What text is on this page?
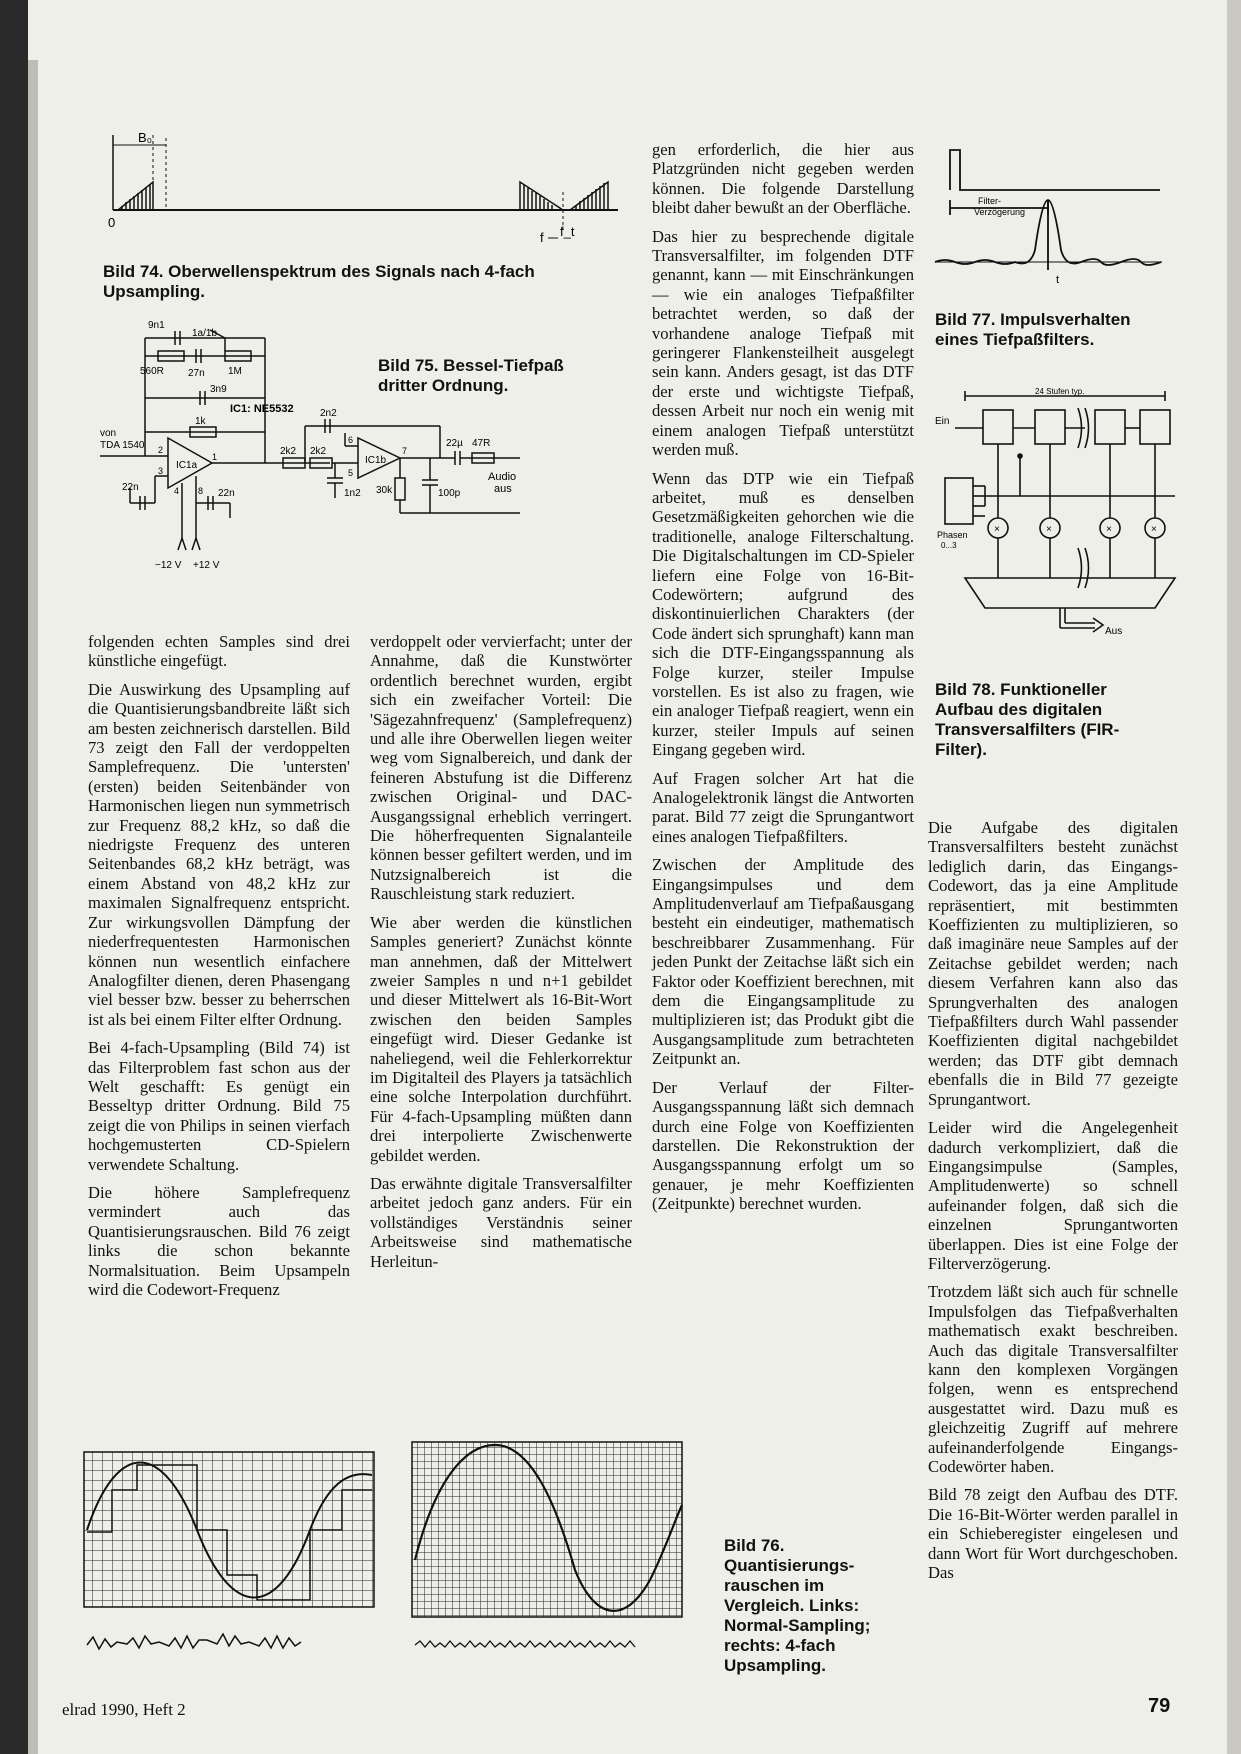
B₀
0
f f_t
Bild 74. Oberwellenspektrum des Signals nach 4-fach Upsampling.
9n1
1a/1b
560R 27n 1M
3n9
1k
IC1: NE5532	2n2
von
TDA 1540
IC1a	IC1b
2k2 2k2
1n2
22µ 47R
30k	100p
Audio
aus
22n
22n
−12 V +12 V
2
3
1
4 8
6
5
7
Bild 75. Bessel-Tiefpaß dritter Ordnung.

gen erforderlich, die hier aus Platzgründen nicht gegeben werden können. Die folgende Darstellung bleibt daher bewußt an der Oberfläche.

Das hier zu besprechende digitale Transversalfilter, im folgenden DTF genannt, kann — mit Einschränkungen — wie ein analoges Tiefpaßfilter betrachtet werden, so daß der vorhandene analoge Tiefpaß mit geringerer Flankensteilheit ausgelegt sein kann. Anders gesagt, ist das DTF der erste und wichtigste Tiefpaß, dessen Arbeit nur noch ein wenig mit einem analogen Tiefpaß unterstützt werden muß.

Wenn das DTP wie ein Tiefpaß arbeitet, muß es denselben Gesetzmäßigkeiten gehorchen wie die traditionelle, analoge Filterschaltung. Die Digitalschaltungen im CD-Spieler liefern eine Folge von 16-Bit-Codewörtern; aufgrund des diskontinuierlichen Charakters (der Code ändert sich sprunghaft) kann man sich die DTF-Eingangsspannung als Folge kurzer, steiler Impulse vorstellen. Es ist also zu fragen, wie ein analoger Tiefpaß reagiert, wenn ein kurzer, steiler Impuls auf seinen Eingang gegeben wird.

Auf Fragen solcher Art hat die Analogelektronik längst die Antworten parat. Bild 77 zeigt die Sprungantwort eines analogen Tiefpaßfilters.

Zwischen der Amplitude des Eingangsimpulses und dem Amplitudenverlauf am Tiefpaßausgang besteht ein eindeutiger, mathematisch beschreibbarer Zusammenhang. Für jeden Punkt der Zeitachse läßt sich ein Faktor oder Koeffizient berechnen, mit dem die Eingangsamplitude zu multiplizieren ist; das Produkt gibt die Ausgangsamplitude zum betrachteten Zeitpunkt an.

Der Verlauf der Filter-Ausgangsspannung läßt sich demnach durch eine Folge von Koeffizienten darstellen. Die Rekonstruktion der Ausgangsspannung erfolgt um so genauer, je mehr Koeffizienten (Zeitpunkte) berechnet wurden.

Filter-
Verzögerung
t
Bild 77. Impulsverhalten eines Tiefpaßfilters.
24 Stufen typ.
Ein
Phasen
0...3
Aus
×	×	×	×
Bild 78. Funktioneller Aufbau des digitalen Transversalfilters (FIR-Filter).

folgenden echten Samples sind drei künstliche eingefügt.

Die Auswirkung des Upsampling auf die Quantisierungsbandbreite läßt sich am besten zeichnerisch darstellen. Bild 73 zeigt den Fall der verdoppelten Samplefrequenz. Die 'untersten' (ersten) beiden Seitenbänder von Harmonischen liegen nun symmetrisch zur Frequenz 88,2 kHz, so daß die niedrigste Frequenz des unteren Seitenbandes 68,2 kHz beträgt, was einem Abstand von 48,2 kHz zur maximalen Signalfrequenz entspricht. Zur wirkungsvollen Dämpfung der niederfrequentesten Harmonischen können nun wesentlich einfachere Analogfilter dienen, deren Phasengang viel besser bzw. besser zu beherrschen ist als bei einem Filter elfter Ordnung.

Bei 4-fach-Upsampling (Bild 74) ist das Filterproblem fast schon aus der Welt geschafft: Es genügt ein Besseltyp dritter Ordnung. Bild 75 zeigt die von Philips in seinen vierfach hochgemusterten CD-Spielern verwendete Schaltung.

Die höhere Samplefrequenz vermindert auch das Quantisierungsrauschen. Bild 76 zeigt links die schon bekannte Normalsituation. Beim Upsampeln wird die Codewort-Frequenz

verdoppelt oder vervierfacht; unter der Annahme, daß die Kunstwörter ordentlich berechnet wurden, ergibt sich ein zweifacher Vorteil: Die 'Sägezahnfrequenz' (Samplefrequenz) und alle ihre Oberwellen liegen weiter weg vom Signalbereich, und dank der feineren Abstufung ist die Differenz zwischen Original- und DAC-Ausgangssignal erheblich verringert. Die höherfrequenten Signalanteile können besser gefiltert werden, und im Nutzsignalbereich ist die Rauschleistung stark reduziert.

Wie aber werden die künstlichen Samples generiert? Zunächst könnte man annehmen, daß der Mittelwert zweier Samples n und n+1 gebildet und dieser Mittelwert als 16-Bit-Wort zwischen den beiden Samples eingefügt wird. Dieser Gedanke ist naheliegend, weil die Fehlerkorrektur im Digitalteil des Players ja tatsächlich eine solche Interpolation durchführt. Für 4-fach-Upsampling müßten dann drei interpolierte Zwischenwerte gebildet werden.

Das erwähnte digitale Transversalfilter arbeitet jedoch ganz anders. Für ein vollständiges Verständnis seiner Arbeitsweise sind mathematische Herleitun-

Die Aufgabe des digitalen Transversalfilters besteht zunächst lediglich darin, das Eingangs-Codewort, das ja eine Amplitude repräsentiert, mit bestimmten Koeffizienten zu multiplizieren, so daß imaginäre neue Samples auf der Zeitachse gebildet werden; nach diesem Verfahren kann also das Sprungverhalten des analogen Tiefpaßfilters durch Wahl passender Koeffizienten digital nachgebildet werden; das DTF gibt demnach ebenfalls die in Bild 77 gezeigte Sprungantwort.

Leider wird die Angelegenheit dadurch verkompliziert, daß die Eingangsimpulse (Samples, Amplitudenwerte) so schnell aufeinander folgen, daß sich die einzelnen Sprungantworten überlappen. Dies ist eine Folge der Filterverzögerung.

Trotzdem läßt sich auch für schnelle Impulsfolgen das Tiefpaßverhalten mathematisch exakt beschreiben. Auch das digitale Transversalfilter kann den komplexen Vorgängen folgen, wenn es entsprechend ausgestattet wird. Dazu muß es gleichzeitig Zugriff auf mehrere aufeinanderfolgende Eingangs-Codewörter haben.

Bild 78 zeigt den Aufbau des DTF. Die 16-Bit-Wörter werden parallel in ein Schieberegister eingelesen und dann Wort für Wort durchgeschoben. Das

Bild 76. Quantisierungs-rauschen im Vergleich. Links: Normal-Sampling; rechts: 4-fach Upsampling.
elrad 1990, Heft 2	79
